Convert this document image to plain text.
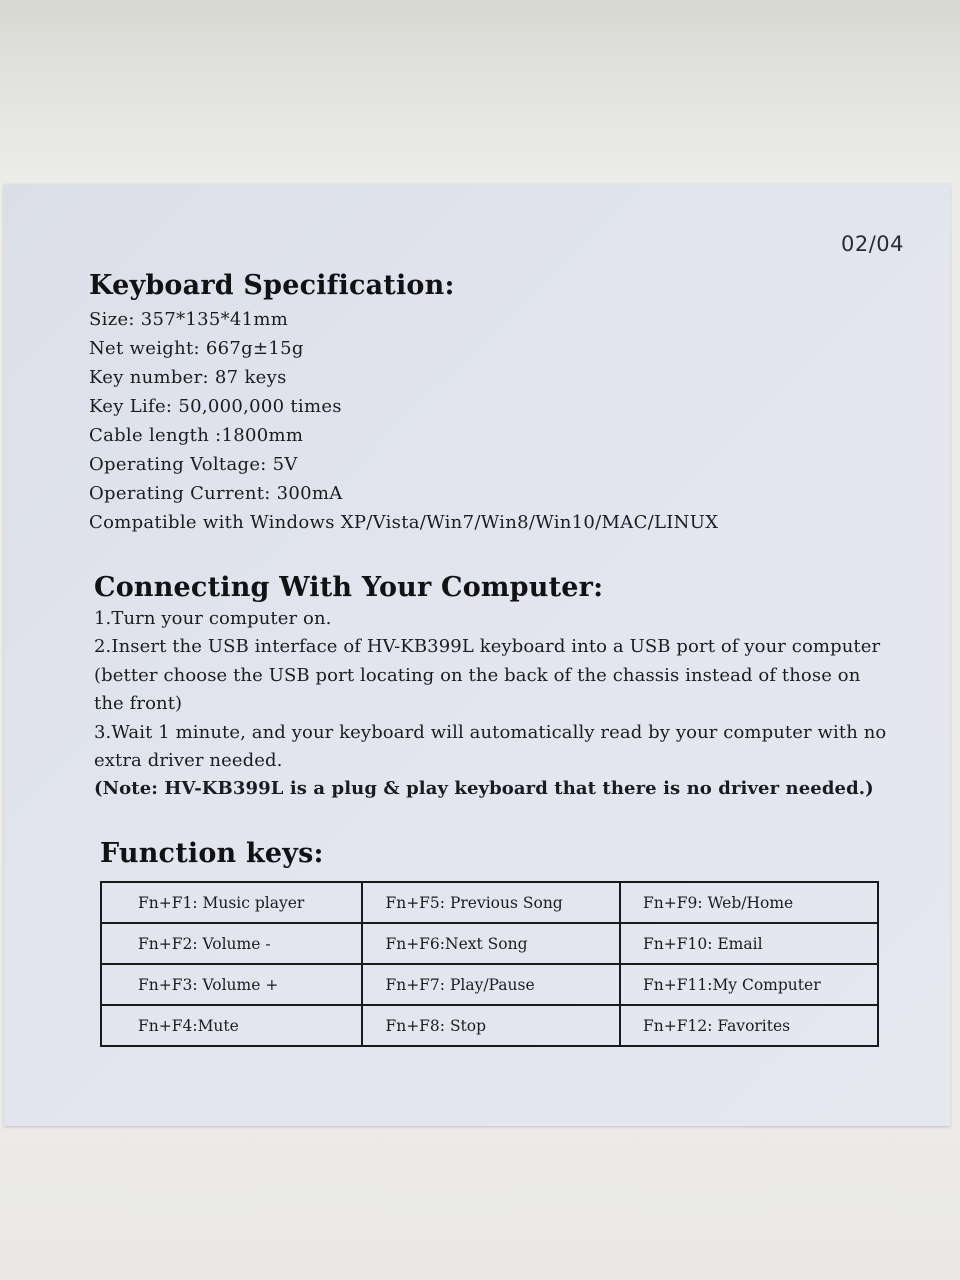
02/04
Keyboard Specification:
Size: 357*135*41mm
Net weight: 667g±15g
Key number: 87 keys
Key Life: 50,000,000 times
Cable length :1800mm
Operating Voltage: 5V
Operating Current: 300mA
Compatible with Windows XP/Vista/Win7/Win8/Win10/MAC/LINUX
Connecting With Your Computer:

1.Turn your computer on.

2.Insert the USB interface of HV-KB399L keyboard into a USB port of your computer (better choose the USB port locating on the back of the chassis instead of those on the front)

3.Wait 1 minute, and your keyboard will automatically read by your computer with no extra driver needed.

(Note: HV-KB399L is a plug & play keyboard that there is no driver needed.)

Function keys:
Fn+F1: Music player	Fn+F5: Previous Song	Fn+F9: Web/Home
Fn+F2: Volume -	Fn+F6:Next Song	Fn+F10: Email
Fn+F3: Volume +	Fn+F7: Play/Pause	Fn+F11:My Computer
Fn+F4:Mute	Fn+F8: Stop	Fn+F12: Favorites
